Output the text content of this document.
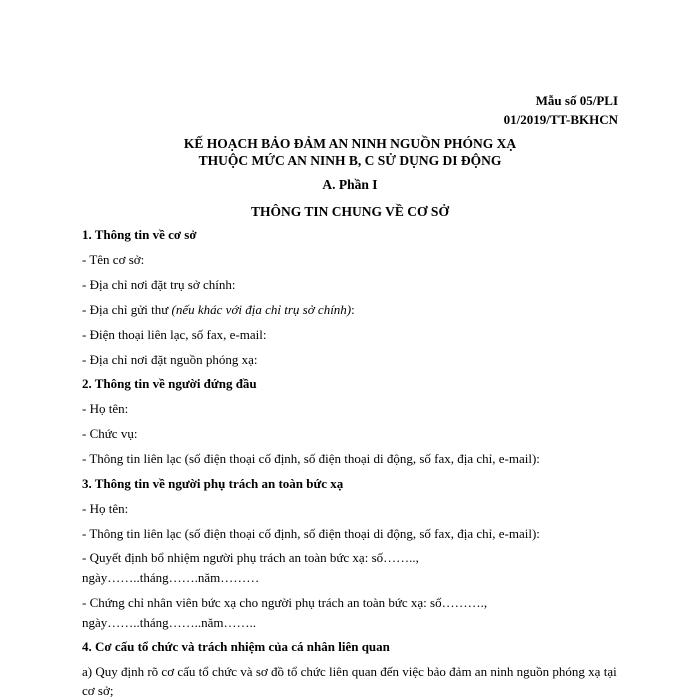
Mẫu số 05/PLI
01/2019/TT-BKHCN
KẾ HOẠCH BẢO ĐẢM AN NINH NGUỒN PHÓNG XẠ
THUỘC MỨC AN NINH B, C SỬ DỤNG DI ĐỘNG
A. Phần I
THÔNG TIN CHUNG VỀ CƠ SỞ
1. Thông tin về cơ sở
- Tên cơ sở:
- Địa chỉ nơi đặt trụ sở chính:
- Địa chỉ gửi thư (nếu khác với địa chỉ trụ sở chính):
- Điện thoại liên lạc, số fax, e-mail:
- Địa chỉ nơi đặt nguồn phóng xạ:
2. Thông tin về người đứng đầu
- Họ tên:
- Chức vụ:
- Thông tin liên lạc (số điện thoại cố định, số điện thoại di động, số fax, địa chỉ, e-mail):
3. Thông tin về người phụ trách an toàn bức xạ
- Họ tên:
- Thông tin liên lạc (số điện thoại cố định, số điện thoại di động, số fax, địa chỉ, e-mail):
- Quyết định bổ nhiệm người phụ trách an toàn bức xạ: số……..,
ngày……..tháng…….năm………
- Chứng chỉ nhân viên bức xạ cho người phụ trách an toàn bức xạ: số……….,
ngày……..tháng……..năm……..
4. Cơ cấu tổ chức và trách nhiệm của cá nhân liên quan
a) Quy định rõ cơ cấu tổ chức và sơ đồ tổ chức liên quan đến việc bảo đảm an ninh nguồn phóng xạ tại cơ sở;
